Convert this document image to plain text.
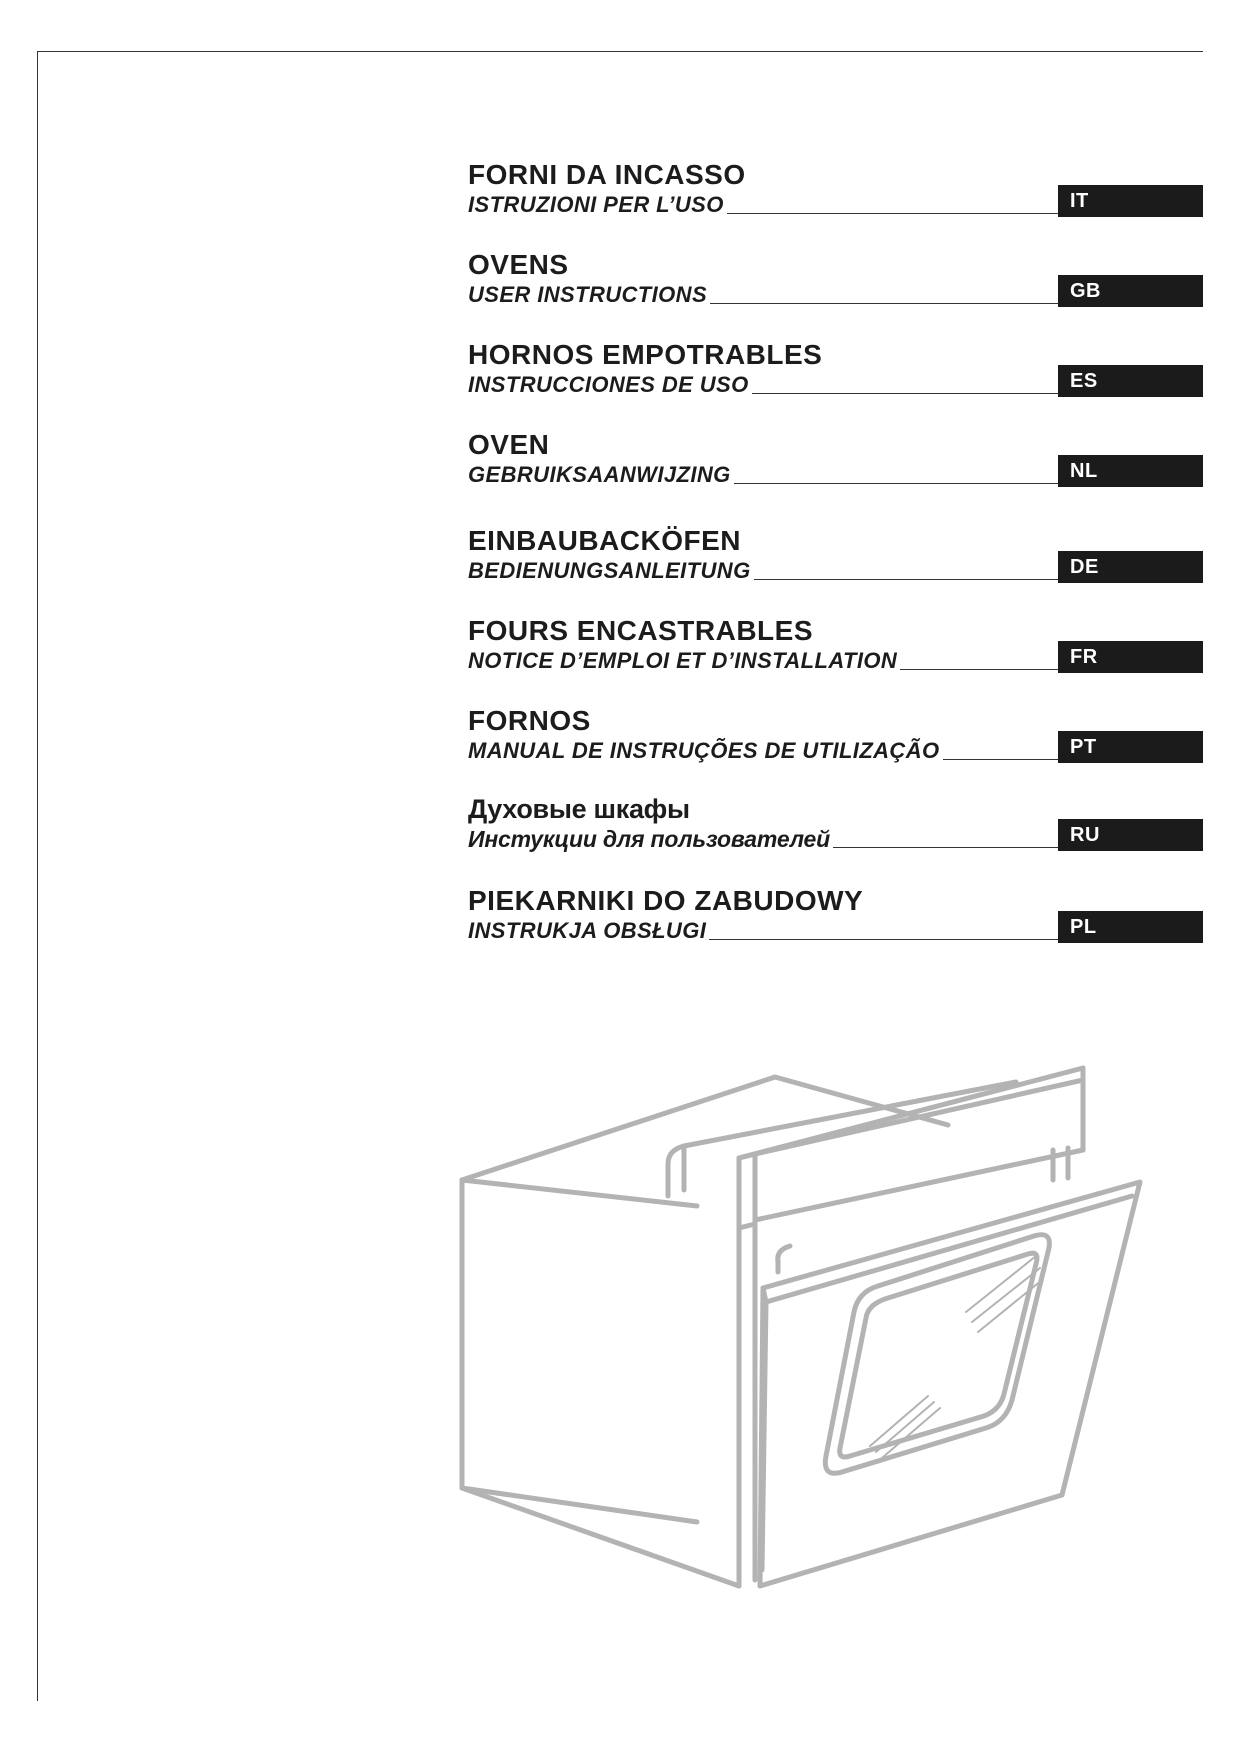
FORNI DA INCASSO
ISTRUZIONI PER L’USO	IT
OVENS
USER INSTRUCTIONS	GB
HORNOS EMPOTRABLES
INSTRUCCIONES DE USO	ES
OVEN
GEBRUIKSAANWIJZING	NL
EINBAUBACKÖFEN
BEDIENUNGSANLEITUNG	DE
FOURS ENCASTRABLES
NOTICE D’EMPLOI ET D’INSTALLATION	FR
FORNOS
MANUAL DE INSTRUÇÕES DE UTILIZAÇÃO	PT
Духовые шкафы
Инстукции для пользователей	RU
PIEKARNIKI DO ZABUDOWY
INSTRUKJA OBSŁUGI	PL
